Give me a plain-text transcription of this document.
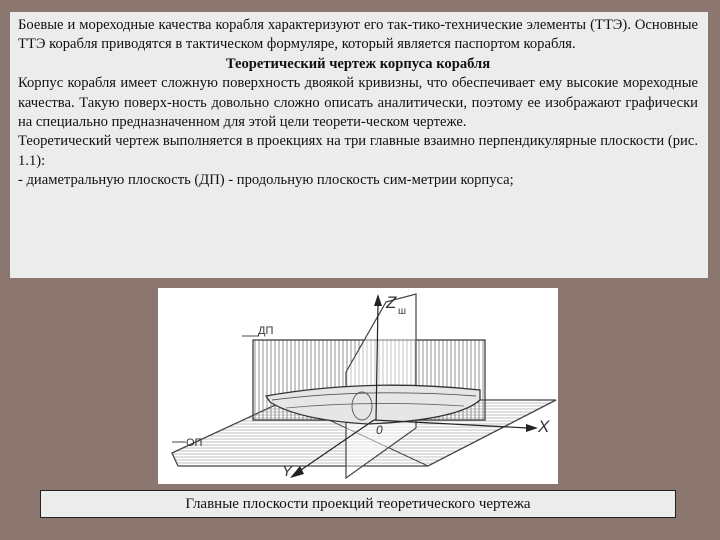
Боевые и мореходные качества корабля характеризуют его так-тико-технические элементы (ТТЭ). Основные ТТЭ корабля приводятся в тактическом формуляре, который является паспортом корабля.

Теоретический чертеж корпуса корабля

Корпус корабля имеет сложную поверхность двоякой кривизны, что обеспечивает ему высокие мореходные качества. Такую поверх-ность довольно сложно описать аналитически, поэтому ее изображают графически на специально предназначенном для этой цели теорети-ческом чертеже.

Теоретический чертеж выполняется в проекциях на три главные взаимно перпендикулярные плоскости (рис. 1.1):

- диаметральную плоскость (ДП) - продольную плоскость сим-метрии корпуса;

Z
X
Y
ДП
ОП
0
ш
Главные плоскости проекций теоретического чертежа
